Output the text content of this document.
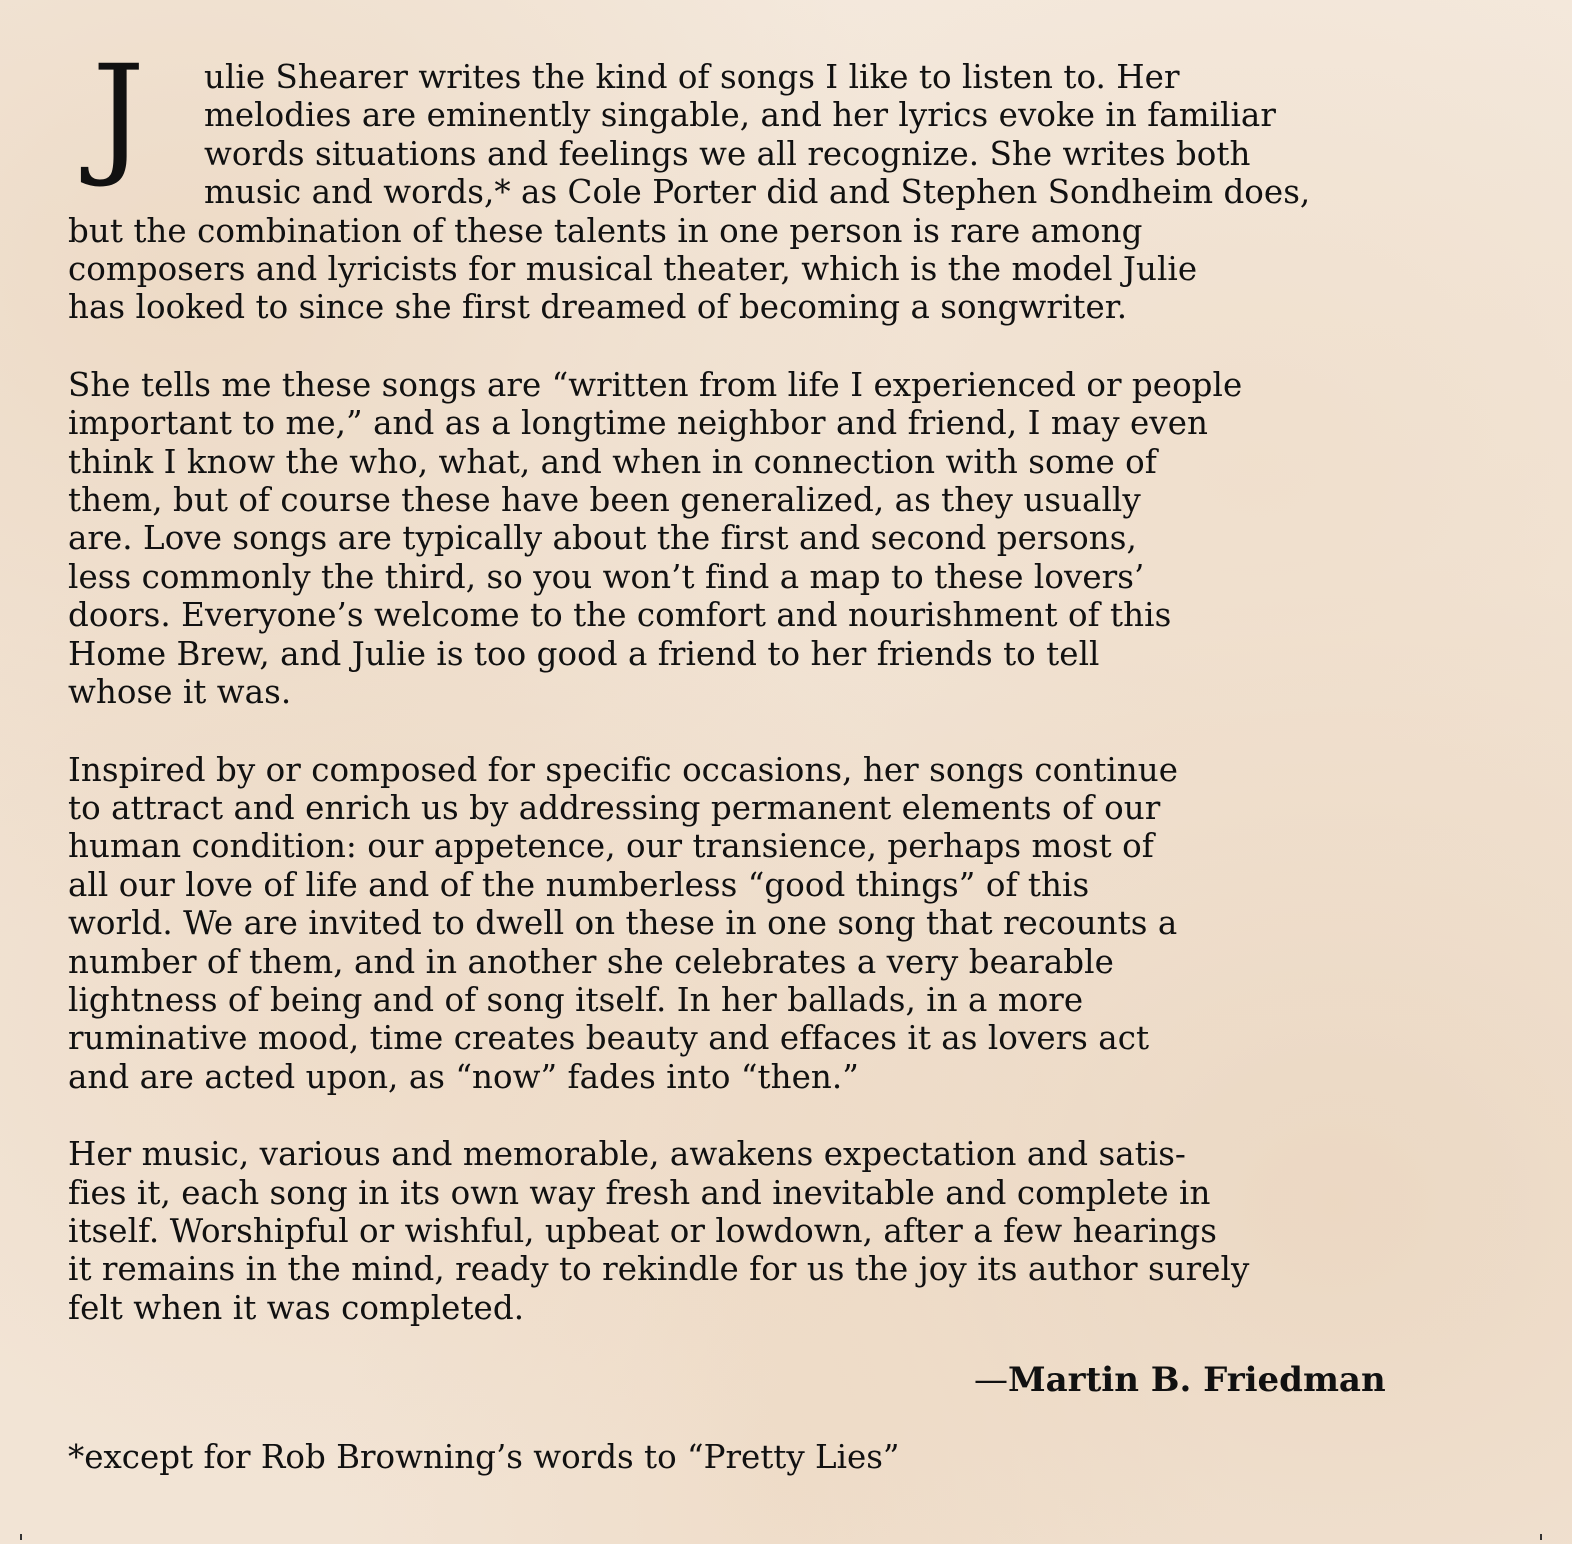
J	ulie Shearer writes the kind of songs I like to listen to. Her
melodies are eminently singable, and her lyrics evoke in familiar
words situations and feelings we all recognize. She writes both
music and words,* as Cole Porter did and Stephen Sondheim does,
but the combination of these talents in one person is rare among
composers and lyricists for musical theater, which is the model Julie
has looked to since she first dreamed of becoming a songwriter.

She tells me these songs are “written from life I experienced or people
important to me,” and as a longtime neighbor and friend, I may even
think I know the who, what, and when in connection with some of
them, but of course these have been generalized, as they usually
are. Love songs are typically about the first and second persons,
less commonly the third, so you won’t find a map to these lovers’
doors. Everyone’s welcome to the comfort and nourishment of this
Home Brew, and Julie is too good a friend to her friends to tell
whose it was.

Inspired by or composed for specific occasions, her songs continue
to attract and enrich us by addressing permanent elements of our
human condition: our appetence, our transience, perhaps most of
all our love of life and of the numberless “good things” of this
world. We are invited to dwell on these in one song that recounts a
number of them, and in another she celebrates a very bearable
lightness of being and of song itself. In her ballads, in a more
ruminative mood, time creates beauty and effaces it as lovers act
and are acted upon, as “now” fades into “then.”

Her music, various and memorable, awakens expectation and satis-
fies it, each song in its own way fresh and inevitable and complete in
itself. Worshipful or wishful, upbeat or lowdown, after a few hearings
it remains in the mind, ready to rekindle for us the joy its author surely
felt when it was completed.

—Martin B. Friedman
*except for Rob Browning’s words to “Pretty Lies”
